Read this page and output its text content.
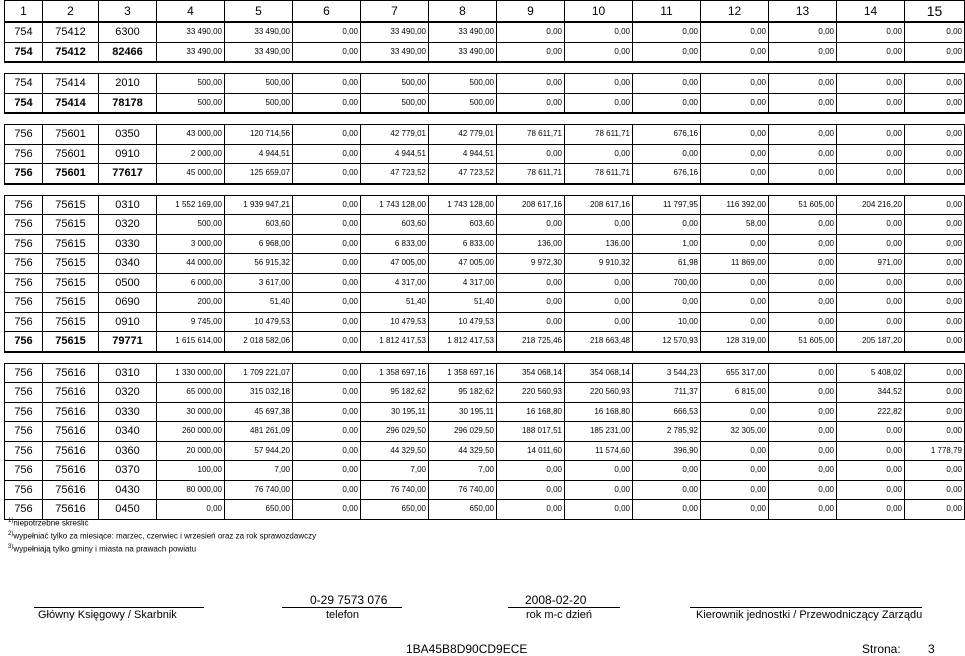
1	2	3	4	5	6	7	8	9	10	11	12	13	14	15
754	75412	6300	33 490,00	33 490,00	0,00	33 490,00	33 490,00	0,00	0,00	0,00	0,00	0,00	0,00	0,00
754	75412	82466	33 490,00	33 490,00	0,00	33 490,00	33 490,00	0,00	0,00	0,00	0,00	0,00	0,00	0,00

754	75414	2010	500,00	500,00	0,00	500,00	500,00	0,00	0,00	0,00	0,00	0,00	0,00	0,00
754	75414	78178	500,00	500,00	0,00	500,00	500,00	0,00	0,00	0,00	0,00	0,00	0,00	0,00

756	75601	0350	43 000,00	120 714,56	0,00	42 779,01	42 779,01	78 611,71	78 611,71	676,16	0,00	0,00	0,00	0,00
756	75601	0910	2 000,00	4 944,51	0,00	4 944,51	4 944,51	0,00	0,00	0,00	0,00	0,00	0,00	0,00
756	75601	77617	45 000,00	125 659,07	0,00	47 723,52	47 723,52	78 611,71	78 611,71	676,16	0,00	0,00	0,00	0,00

756	75615	0310	1 552 169,00	1 939 947,21	0,00	1 743 128,00	1 743 128,00	208 617,16	208 617,16	11 797,95	116 392,00	51 605,00	204 216,20	0,00
756	75615	0320	500,00	603,60	0,00	603,60	603,60	0,00	0,00	0,00	58,00	0,00	0,00	0,00
756	75615	0330	3 000,00	6 968,00	0,00	6 833,00	6 833,00	136,00	136,00	1,00	0,00	0,00	0,00	0,00
756	75615	0340	44 000,00	56 915,32	0,00	47 005,00	47 005,00	9 972,30	9 910,32	61,98	11 869,00	0,00	971,00	0,00
756	75615	0500	6 000,00	3 617,00	0,00	4 317,00	4 317,00	0,00	0,00	700,00	0,00	0,00	0,00	0,00
756	75615	0690	200,00	51,40	0,00	51,40	51,40	0,00	0,00	0,00	0,00	0,00	0,00	0,00
756	75615	0910	9 745,00	10 479,53	0,00	10 479,53	10 479,53	0,00	0,00	10,00	0,00	0,00	0,00	0,00
756	75615	79771	1 615 614,00	2 018 582,06	0,00	1 812 417,53	1 812 417,53	218 725,46	218 663,48	12 570,93	128 319,00	51 605,00	205 187,20	0,00

756	75616	0310	1 330 000,00	1 709 221,07	0,00	1 358 697,16	1 358 697,16	354 068,14	354 068,14	3 544,23	655 317,00	0,00	5 408,02	0,00
756	75616	0320	65 000,00	315 032,18	0,00	95 182,62	95 182,62	220 560,93	220 560,93	711,37	6 815,00	0,00	344,52	0,00
756	75616	0330	30 000,00	45 697,38	0,00	30 195,11	30 195,11	16 168,80	16 168,80	666,53	0,00	0,00	222,82	0,00
756	75616	0340	260 000,00	481 261,09	0,00	296 029,50	296 029,50	188 017,51	185 231,00	2 785,92	32 305,00	0,00	0,00	0,00
756	75616	0360	20 000,00	57 944,20	0,00	44 329,50	44 329,50	14 011,60	11 574,60	396,90	0,00	0,00	0,00	1 778,79
756	75616	0370	100,00	7,00	0,00	7,00	7,00	0,00	0,00	0,00	0,00	0,00	0,00	0,00
756	75616	0430	80 000,00	76 740,00	0,00	76 740,00	76 740,00	0,00	0,00	0,00	0,00	0,00	0,00	0,00
756	75616	0450	0,00	650,00	0,00	650,00	650,00	0,00	0,00	0,00	0,00	0,00	0,00	0,00
$^{1)}$niepotrzebne skreślić
$^{2)}$wypełniać tylko za miesiące: marzec, czerwiec i wrzesień oraz za rok sprawozdawczy
$^{3)}$wypełniają tylko gminy i miasta na prawach powiatu
0-29 7573 076	2008-02-20
Główny Księgowy / Skarbnik	telefon	rok m-c dzień	Kierownik jednostki / Przewodniczący Zarządu
1BA45B8D90CD9ECE	Strona: 3
